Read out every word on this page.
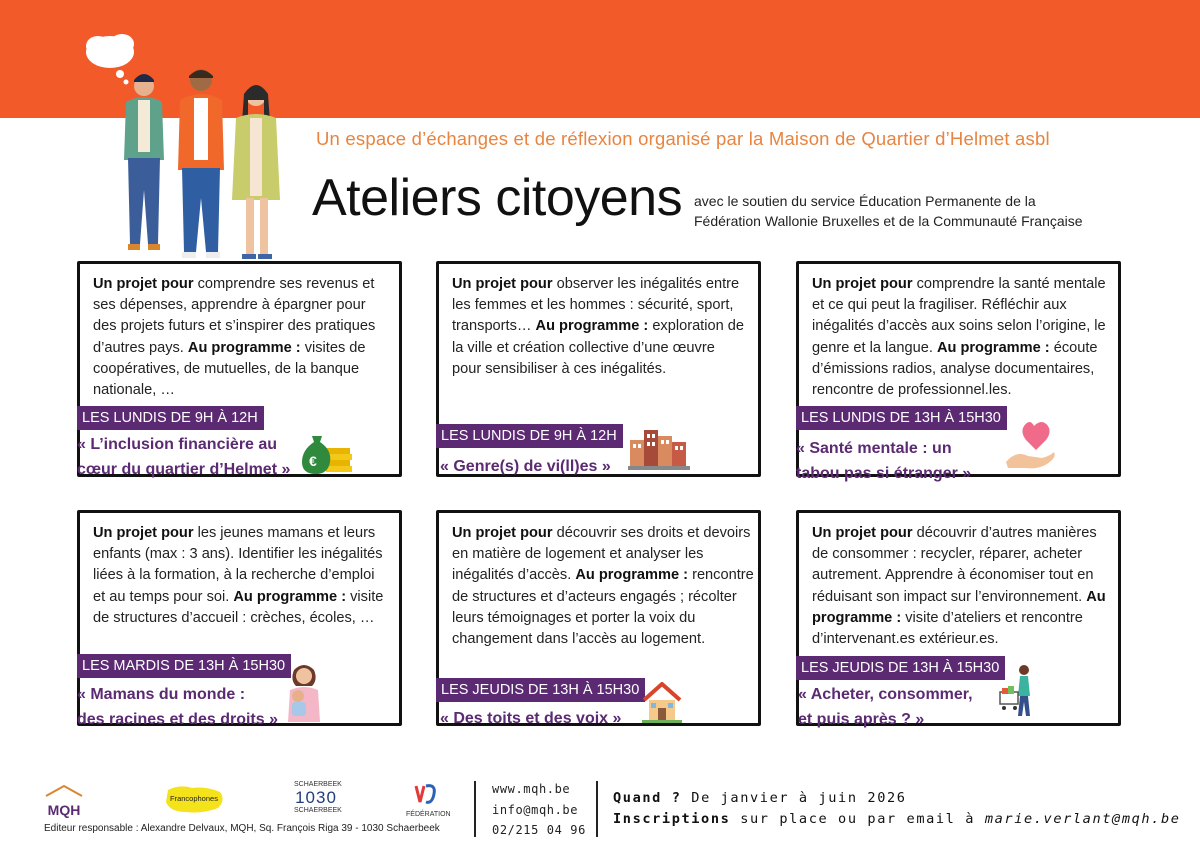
Un espace d’échanges et de réflexion organisé par la Maison de Quartier d’Helmet asbl
Ateliers citoyens avec le soutien du service Éducation Permanente de la
Fédération Wallonie Bruxelles et de la Communauté Française
Un projet pour comprendre ses revenus et
ses dépenses, apprendre à épargner pour
des projets futurs et s’inspirer des pratiques
d’autres pays. Au programme : visites de
coopératives, de mutuelles, de la banque
nationale, …
LES LUNDIS DE 9H À 12H
« L’inclusion financière au
cœur du quartier d’Helmet » €
Un projet pour observer les inégalités entre
les femmes et les hommes : sécurité, sport,
transports… Au programme : exploration de
la ville et création collective d’une œuvre
pour sensibiliser à ces inégalités.
LES LUNDIS DE 9H À 12H
« Genre(s) de vi(ll)es »
Un projet pour comprendre la santé mentale
et ce qui peut la fragiliser. Réfléchir aux
inégalités d’accès aux soins selon l’origine, le
genre et la langue. Au programme : écoute
d’émissions radios, analyse documentaires,
rencontre de professionnel.les.
LES LUNDIS DE 13H À 15H30
« Santé mentale : un
tabou pas si étranger »
Un projet pour les jeunes mamans et leurs
enfants (max : 3 ans). Identifier les inégalités
liées à la formation, à la recherche d’emploi
et au temps pour soi. Au programme : visite
de structures d’accueil : crèches, écoles, …
LES MARDIS DE 13H À 15H30
« Mamans du monde :
des racines et des droits »
Un projet pour découvrir ses droits et devoirs
en matière de logement et analyser les
inégalités d’accès. Au programme : rencontre
de structures et d’acteurs engagés ; récolter
leurs témoignages et porter la voix du
changement dans l’accès au logement.
LES JEUDIS DE 13H À 15H30
« Des toits et des voix »
Un projet pour découvrir d’autres manières
de consommer : recycler, réparer, acheter
autrement. Apprendre à économiser tout en
réduisant son impact sur l’environnement. Au
programme : visite d’ateliers et rencontre
d’intervenant.es extérieur.es.
LES JEUDIS DE 13H À 15H30
« Acheter, consommer,
et puis après ? »
MQH
Francophones
SCHAERBEEK
1030
SCHAERBEEK
FÉDÉRATION
Editeur responsable : Alexandre Delvaux, MQH, Sq. François Riga 39 - 1030 Schaerbeek
www.mqh.be
info@mqh.be
02/215 04 96
Quand ? De janvier à juin 2026
Inscriptions sur place ou par email à marie.verlant@mqh.be
